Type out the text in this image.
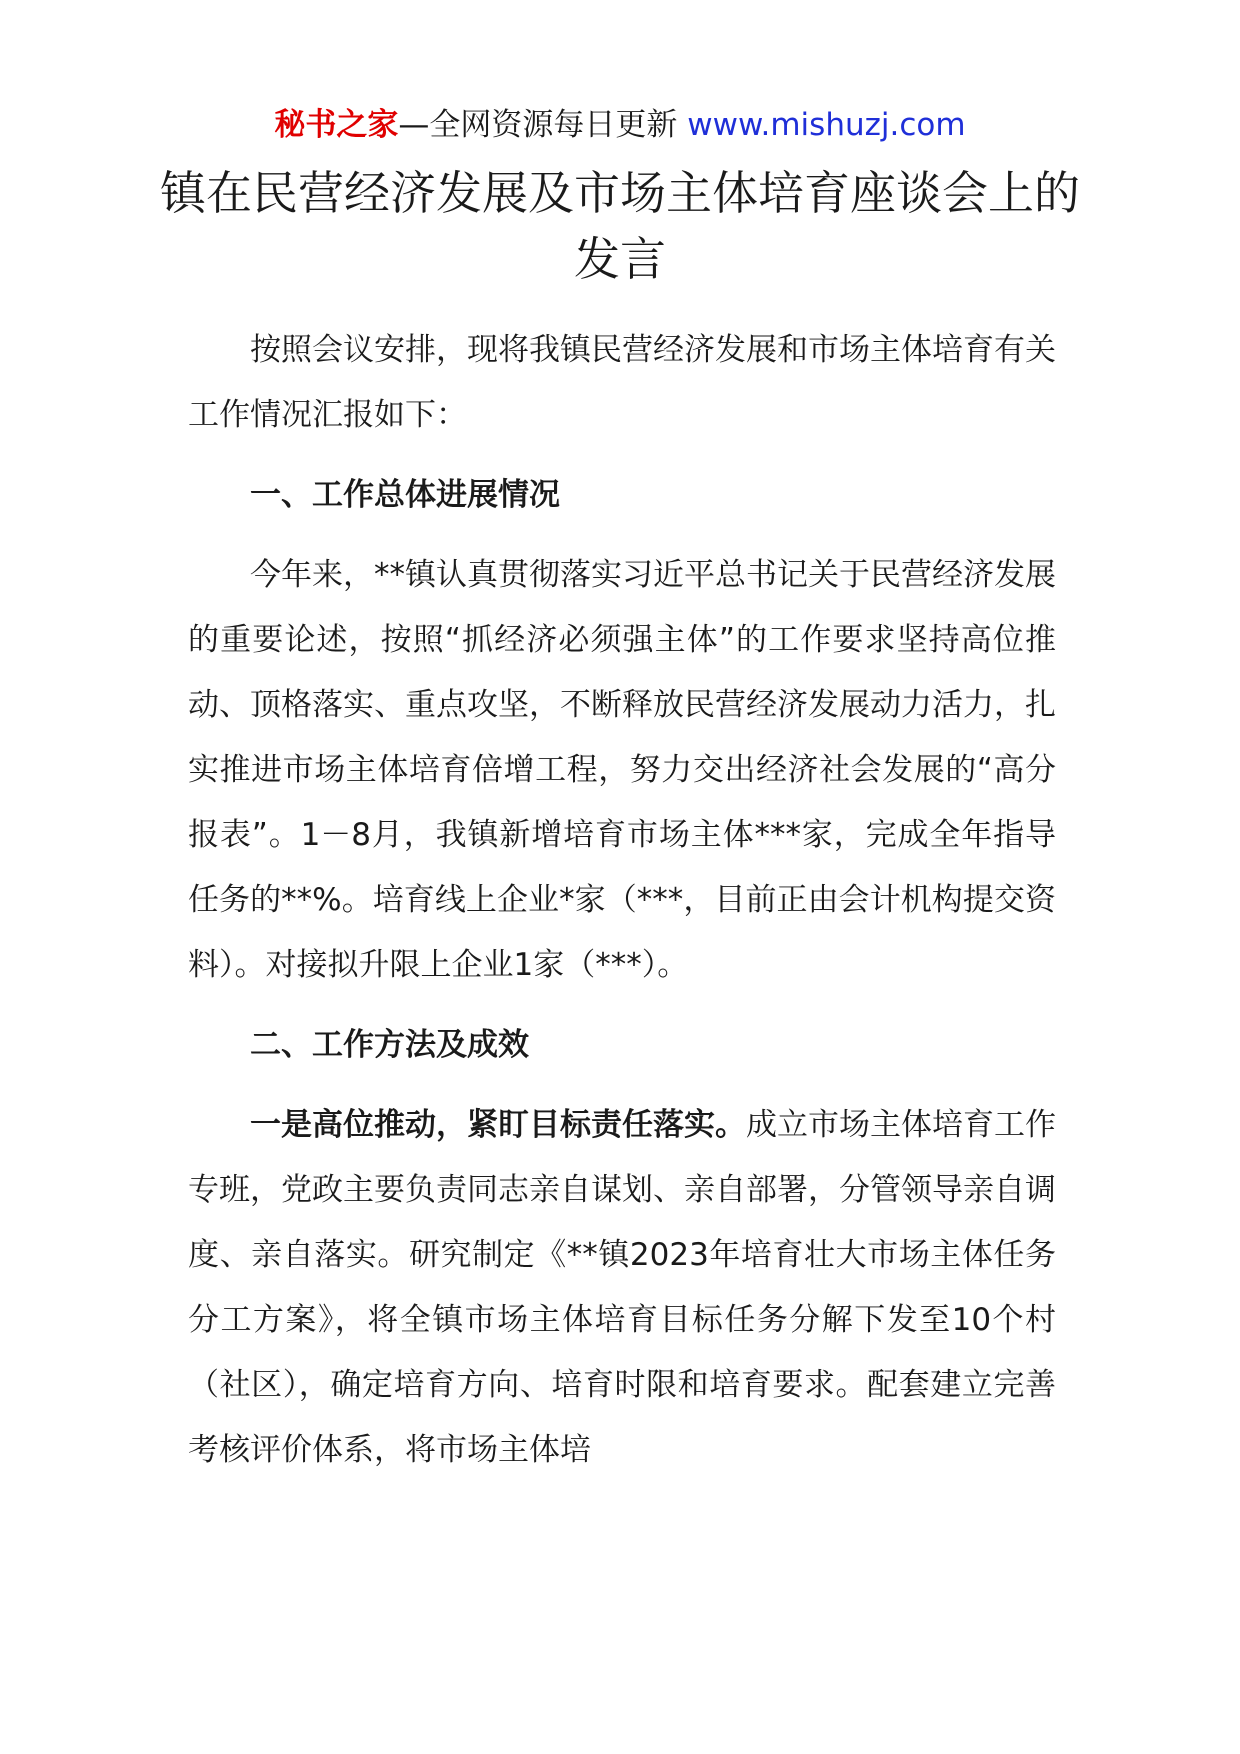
秘书之家—全网资源每日更新 www.mishuzj.com
镇在民营经济发展及市场主体培育座谈会上的发言

按照会议安排，现将我镇民营经济发展和市场主体培育有关工作情况汇报如下：

一、工作总体进展情况

今年来，**镇认真贯彻落实习近平总书记关于民营经济发展的重要论述，按照“抓经济必须强主体”的工作要求坚持高位推动、顶格落实、重点攻坚，不断释放民营经济发展动力活力，扎实推进市场主体培育倍增工程，努力交出经济社会发展的“高分报表”。1－8月，我镇新增培育市场主体***家，完成全年指导任务的**%。培育线上企业*家（***，目前正由会计机构提交资料）。对接拟升限上企业1家（***）。

二、工作方法及成效

一是高位推动，紧盯目标责任落实。成立市场主体培育工作专班，党政主要负责同志亲自谋划、亲自部署，分管领导亲自调度、亲自落实。研究制定《**镇2023年培育壮大市场主体任务分工方案》，将全镇市场主体培育目标任务分解下发至10个村（社区），确定培育方向、培育时限和培育要求。配套建立完善考核评价体系，将市场主体培
